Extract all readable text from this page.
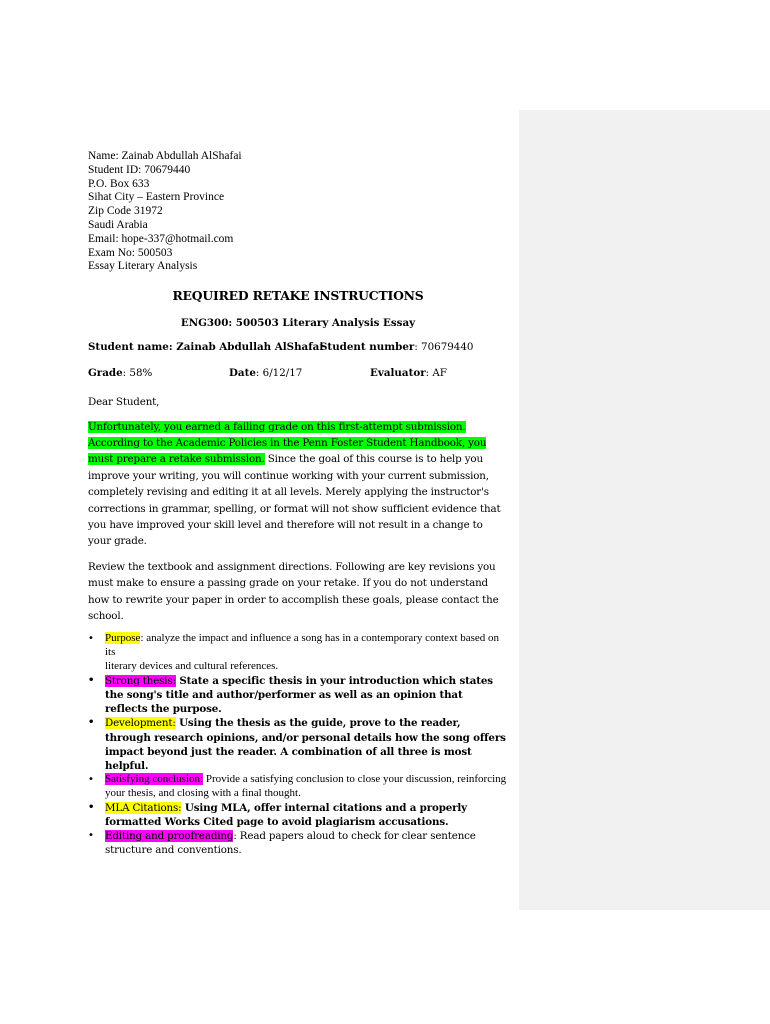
Name: Zainab Abdullah AlShafai
Student ID: 70679440
P.O. Box 633
Sihat City – Eastern Province
Zip Code 31972
Saudi Arabia
Email: hope-337@hotmail.com
Exam No: 500503
Essay Literary Analysis
REQUIRED RETAKE INSTRUCTIONS
ENG300: 500503 Literary Analysis Essay
Student name: Zainab Abdullah AlShafai
Student number: 70679440
Grade: 58%	Date: 6/12/17	Evaluator: AF

Dear Student,

Unfortunately, you earned a failing grade on this first-attempt submission. According to the Academic Policies in the Penn Foster Student Handbook, you must prepare a retake submission. Since the goal of this course is to help you improve your writing, you will continue working with your current submission, completely revising and editing it at all levels. Merely applying the instructor's corrections in grammar, spelling, or format will not show sufficient evidence that you have improved your skill level and therefore will not result in a change to your grade.

Review the textbook and assignment directions. Following are key revisions you must make to ensure a passing grade on your retake. If you do not understand how to rewrite your paper in order to accomplish these goals, please contact the school.

• Purpose: analyze the impact and influence a song has in a contemporary context based on its
literary devices and cultural references.
• Strong thesis: State a specific thesis in your introduction which states the song's title and author/performer as well as an opinion that reflects the purpose.
• Development: Using the thesis as the guide, prove to the reader, through research opinions, and/or personal details how the song offers impact beyond just the reader. A combination of all three is most helpful.
• Satisfying conclusion: Provide a satisfying conclusion to close your discussion, reinforcing your thesis, and closing with a final thought.
• MLA Citations: Using MLA, offer internal citations and a properly formatted Works Cited page to avoid plagiarism accusations.
• Editing and proofreading: Read papers aloud to check for clear sentence structure and conventions.
